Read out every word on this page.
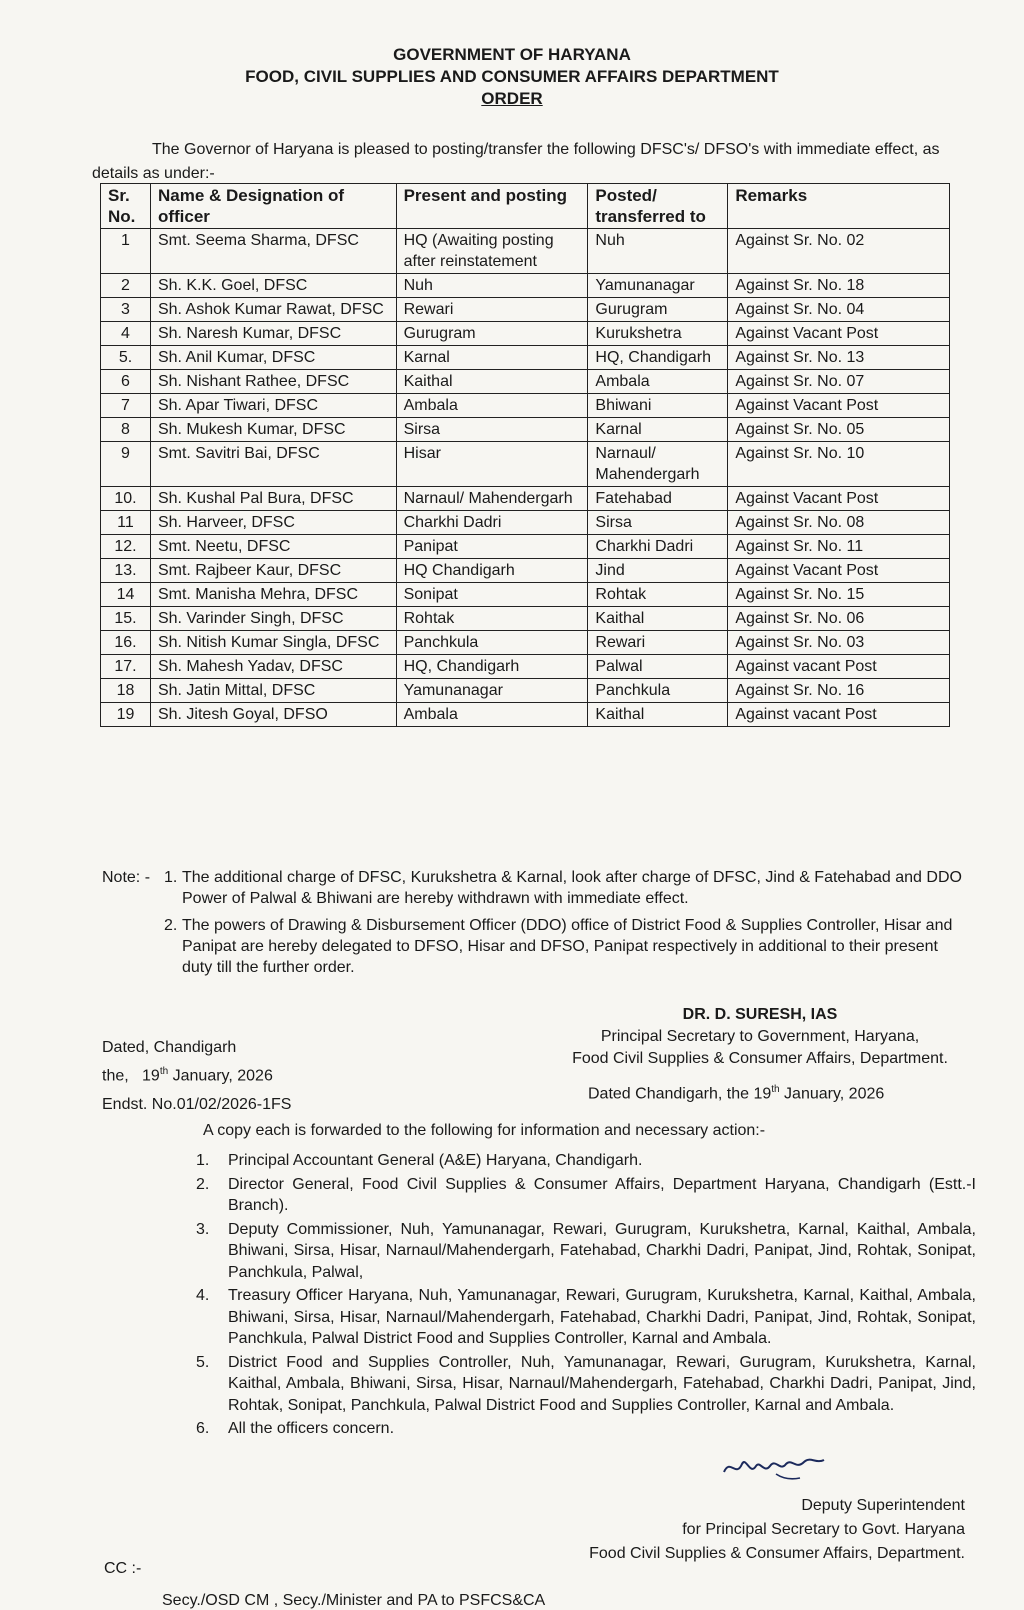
GOVERNMENT OF HARYANA
FOOD, CIVIL SUPPLIES AND CONSUMER AFFAIRS DEPARTMENT
ORDER
The Governor of Haryana is pleased to posting/transfer the following DFSC's/ DFSO's with immediate effect, as details as under:-
Sr. No.	Name & Designation of officer	Present and posting	Posted/ transferred to	Remarks
1	Smt. Seema Sharma, DFSC	HQ (Awaiting posting after reinstatement	Nuh	Against Sr. No. 02
2	Sh. K.K. Goel, DFSC	Nuh	Yamunanagar	Against Sr. No. 18
3	Sh. Ashok Kumar Rawat, DFSC	Rewari	Gurugram	Against Sr. No. 04
4	Sh. Naresh Kumar, DFSC	Gurugram	Kurukshetra	Against Vacant Post
5.	Sh. Anil Kumar, DFSC	Karnal	HQ, Chandigarh	Against Sr. No. 13
6	Sh. Nishant Rathee, DFSC	Kaithal	Ambala	Against Sr. No. 07
7	Sh. Apar Tiwari, DFSC	Ambala	Bhiwani	Against Vacant Post
8	Sh. Mukesh Kumar, DFSC	Sirsa	Karnal	Against Sr. No. 05
9	Smt. Savitri Bai, DFSC	Hisar	Narnaul/ Mahendergarh	Against Sr. No. 10
10.	Sh. Kushal Pal Bura, DFSC	Narnaul/ Mahendergarh	Fatehabad	Against Vacant Post
11	Sh. Harveer, DFSC	Charkhi Dadri	Sirsa	Against Sr. No. 08
12.	Smt. Neetu, DFSC	Panipat	Charkhi Dadri	Against Sr. No. 11
13.	Smt. Rajbeer Kaur, DFSC	HQ Chandigarh	Jind	Against Vacant Post
14	Smt. Manisha Mehra, DFSC	Sonipat	Rohtak	Against Sr. No. 15
15.	Sh. Varinder Singh, DFSC	Rohtak	Kaithal	Against Sr. No. 06
16.	Sh. Nitish Kumar Singla, DFSC	Panchkula	Rewari	Against Sr. No. 03
17.	Sh. Mahesh Yadav, DFSC	HQ, Chandigarh	Palwal	Against vacant Post
18	Sh. Jatin Mittal, DFSC	Yamunanagar	Panchkula	Against Sr. No. 16
19	Sh. Jitesh Goyal, DFSO	Ambala	Kaithal	Against vacant Post
Note: - 1. The additional charge of DFSC, Kurukshetra & Karnal, look after charge of DFSC, Jind & Fatehabad and DDO Power of Palwal & Bhiwani are hereby withdrawn with immediate effect.
2. The powers of Drawing & Disbursement Officer (DDO) office of District Food & Supplies Controller, Hisar and Panipat are hereby delegated to DFSO, Hisar and DFSO, Panipat respectively in additional to their present duty till the further order.
DR. D. SURESH, IAS
Principal Secretary to Government, Haryana,
Food Civil Supplies & Consumer Affairs, Department.
Dated, Chandigarh
the, 19th January, 2026
Endst. No.01/02/2026-1FS
Dated Chandigarh, the 19th January, 2026
A copy each is forwarded to the following for information and necessary action:-
1.	Principal Accountant General (A&E) Haryana, Chandigarh.
2.	Director General, Food Civil Supplies & Consumer Affairs, Department Haryana, Chandigarh (Estt.-I Branch).
3.	Deputy Commissioner, Nuh, Yamunanagar, Rewari, Gurugram, Kurukshetra, Karnal, Kaithal, Ambala, Bhiwani, Sirsa, Hisar, Narnaul/Mahendergarh, Fatehabad, Charkhi Dadri, Panipat, Jind, Rohtak, Sonipat, Panchkula, Palwal,
4.	Treasury Officer Haryana, Nuh, Yamunanagar, Rewari, Gurugram, Kurukshetra, Karnal, Kaithal, Ambala, Bhiwani, Sirsa, Hisar, Narnaul/Mahendergarh, Fatehabad, Charkhi Dadri, Panipat, Jind, Rohtak, Sonipat, Panchkula, Palwal District Food and Supplies Controller, Karnal and Ambala.
5.	District Food and Supplies Controller, Nuh, Yamunanagar, Rewari, Gurugram, Kurukshetra, Karnal, Kaithal, Ambala, Bhiwani, Sirsa, Hisar, Narnaul/Mahendergarh, Fatehabad, Charkhi Dadri, Panipat, Jind, Rohtak, Sonipat, Panchkula, Palwal District Food and Supplies Controller, Karnal and Ambala.
6.	All the officers concern.
Deputy Superintendent
for Principal Secretary to Govt. Haryana
Food Civil Supplies & Consumer Affairs, Department.
CC :-
Secy./OSD CM , Secy./Minister and PA to PSFCS&CA
